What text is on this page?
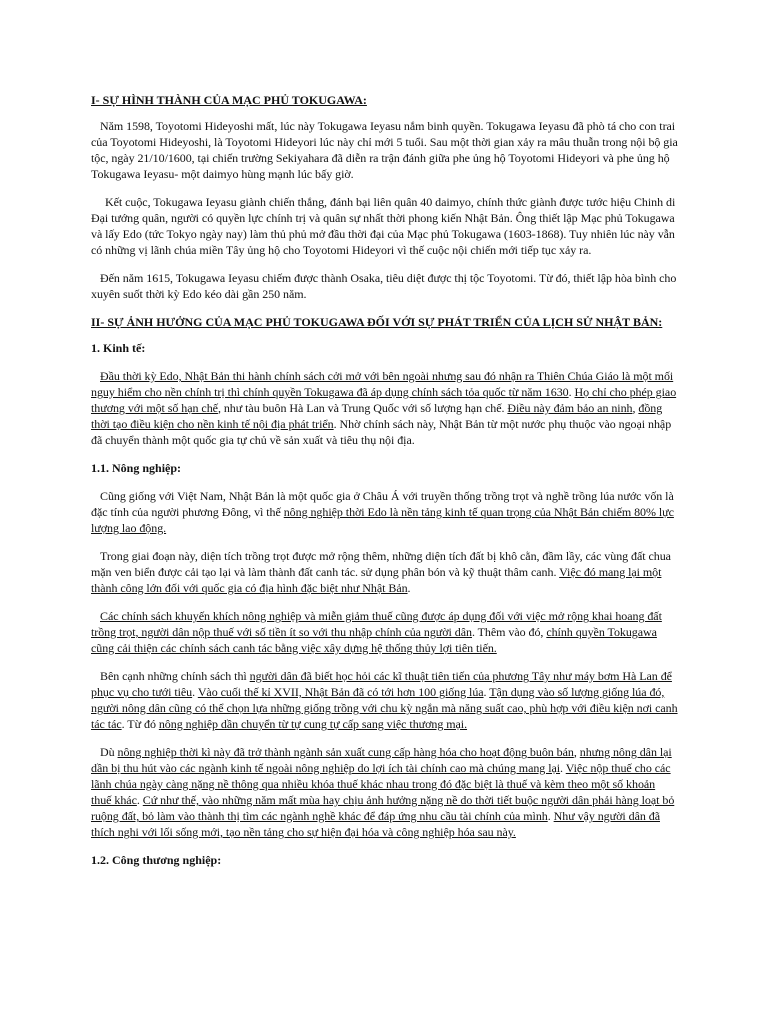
I- SỰ HÌNH THÀNH CỦA MẠC PHỦ TOKUGAWA:

Năm 1598, Toyotomi Hideyoshi mất, lúc này Tokugawa Ieyasu nắm binh quyền. Tokugawa Ieyasu đã phò tá cho con trai của Toyotomi Hideyoshi, là Toyotomi Hideyori lúc này chỉ mới 5 tuổi. Sau một thời gian xảy ra mâu thuẫn trong nội bộ gia tộc, ngày 21/10/1600, tại chiến trường Sekiyahara đã diễn ra trận đánh giữa phe ủng hộ Toyotomi Hideyori và phe ủng hộ Tokugawa Ieyasu- một daimyo hùng mạnh lúc bấy giờ.

Kết cuộc, Tokugawa Ieyasu giành chiến thắng, đánh bại liên quân 40 daimyo, chính thức giành được tước hiệu Chinh di Đại tướng quân, người có quyền lực chính trị và quân sự nhất thời phong kiến Nhật Bản. Ông thiết lập Mạc phủ Tokugawa và lấy Edo (tức Tokyo ngày nay) làm thủ phủ mở đầu thời đại của Mạc phủ Tokugawa (1603-1868). Tuy nhiên lúc này vẫn có những vị lãnh chúa miền Tây ủng hộ cho Toyotomi Hideyori vì thế cuộc nội chiến mới tiếp tục xảy ra.

Đến năm 1615, Tokugawa Ieyasu chiếm được thành Osaka, tiêu diệt được thị tộc Toyotomi. Từ đó, thiết lập hòa bình cho xuyên suốt thời kỳ Edo kéo dài gần 250 năm.

II- SỰ ẢNH HƯỞNG CỦA MẠC PHỦ TOKUGAWA ĐỐI VỚI SỰ PHÁT TRIỂN CỦA LỊCH SỬ NHẬT BẢN:
1. Kinh tế:

Đầu thời kỳ Edo, Nhật Bản thi hành chính sách cởi mở với bên ngoài nhưng sau đó nhận ra Thiên Chúa Giáo là một mối nguy hiểm cho nền chính trị thì chính quyền Tokugawa đã áp dụng chính sách tỏa quốc từ năm 1630. Họ chỉ cho phép giao thương với một số hạn chế, như tàu buôn Hà Lan và Trung Quốc với số lượng hạn chế. Điều này đảm bảo an ninh, đồng thời tạo điều kiện cho nền kinh tế nội địa phát triển. Nhờ chính sách này, Nhật Bản từ một nước phụ thuộc vào ngoại nhập đã chuyển thành một quốc gia tự chủ về sản xuất và tiêu thụ nội địa.

1.1. Nông nghiệp:

Cũng giống với Việt Nam, Nhật Bản là một quốc gia ở Châu Á với truyền thống trồng trọt và nghề trồng lúa nước vốn là đặc tính của người phương Đông, vì thế nông nghiệp thời Edo là nền tảng kinh tế quan trọng của Nhật Bản chiếm 80% lực lượng lao động.

Trong giai đoạn này, diện tích trồng trọt được mở rộng thêm, những diện tích đất bị khô cằn, đầm lầy, các vùng đất chua mặn ven biển được cải tạo lại và làm thành đất canh tác. sử dụng phân bón và kỹ thuật thâm canh. Việc đó mang lại một thành công lớn đối với quốc gia có địa hình đặc biệt như Nhật Bản.

Các chính sách khuyến khích nông nghiệp và miễn giảm thuế cũng được áp dụng đối với việc mở rộng khai hoang đất trồng trọt, người dân nộp thuế với số tiền ít so với thu nhập chính của người dân. Thêm vào đó, chính quyền Tokugawa cũng cải thiện các chính sách canh tác bằng việc xây dựng hệ thống thủy lợi tiên tiến.

Bên cạnh những chính sách thì người dân đã biết học hỏi các kĩ thuật tiên tiến của phương Tây như máy bơm Hà Lan để phục vụ cho tưới tiêu. Vào cuối thế kỉ XVII, Nhật Bản đã có tới hơn 100 giống lúa. Tận dụng vào số lượng giống lúa đó, người nông dân cũng có thể chọn lựa những giống trồng với chu kỳ ngắn mà năng suất cao, phù hợp với điều kiện nơi canh tác tác. Từ đó nông nghiệp dần chuyển từ tự cung tự cấp sang việc thương mại.

Dù nông nghiệp thời kì này đã trở thành ngành sản xuất cung cấp hàng hóa cho hoạt động buôn bán, nhưng nông dân lại dần bị thu hút vào các ngành kinh tế ngoài nông nghiệp do lợi ích tài chính cao mà chúng mang lại. Việc nộp thuế cho các lãnh chúa ngày càng nặng nề thông qua nhiều khóa thuế khác nhau trong đó đặc biệt là thuế và kèm theo một số khoản thuế khác. Cứ như thế, vào những năm mất mùa hay chịu ảnh hưởng nặng nề do thời tiết buộc người dân phải hàng loạt bỏ ruộng đất, bỏ làm vào thành thị tìm các ngành nghề khác để đáp ứng nhu cầu tài chính của mình. Như vậy người dân đã thích nghi với lối sống mới, tạo nền tảng cho sự hiện đại hóa và công nghiệp hóa sau này.

1.2. Công thương nghiệp:
